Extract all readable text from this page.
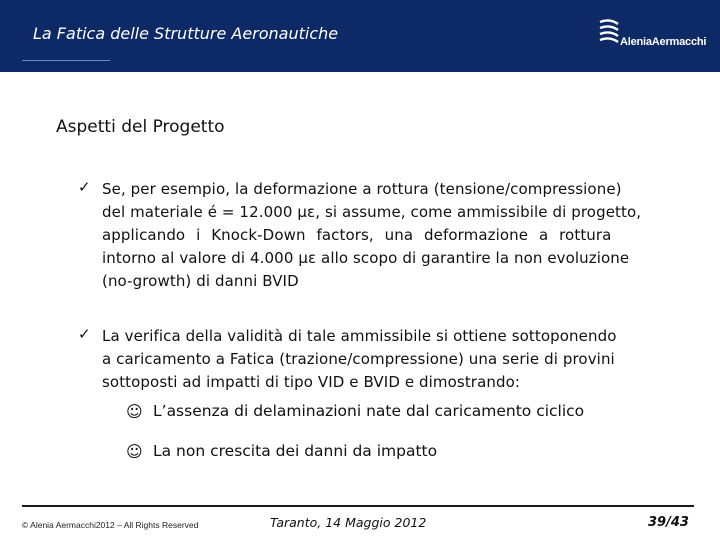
La Fatica delle Strutture Aeronautiche	AleniaAermacchi
Aspetti del Progetto
✓ Se, per esempio, la deformazione a rottura (tensione/compressione)
del materiale é = 12.000 με, si assume, come ammissibile di progetto,
applicando i Knock-Down factors, una deformazione a rottura
intorno al valore di 4.000 με allo scopo di garantire la non evoluzione
(no-growth) di danni BVID
✓ La verifica della validità di tale ammissibile si ottiene sottoponendo
a caricamento a Fatica (trazione/compressione) una serie di provini
sottoposti ad impatti di tipo VID e BVID e dimostrando:
☺ L’assenza di delaminazioni nate dal caricamento ciclico
☺ La non crescita dei danni da impatto
© Alenia Aermacchi2012 – All Rights Reserved	Taranto, 14 Maggio 2012	39/43
